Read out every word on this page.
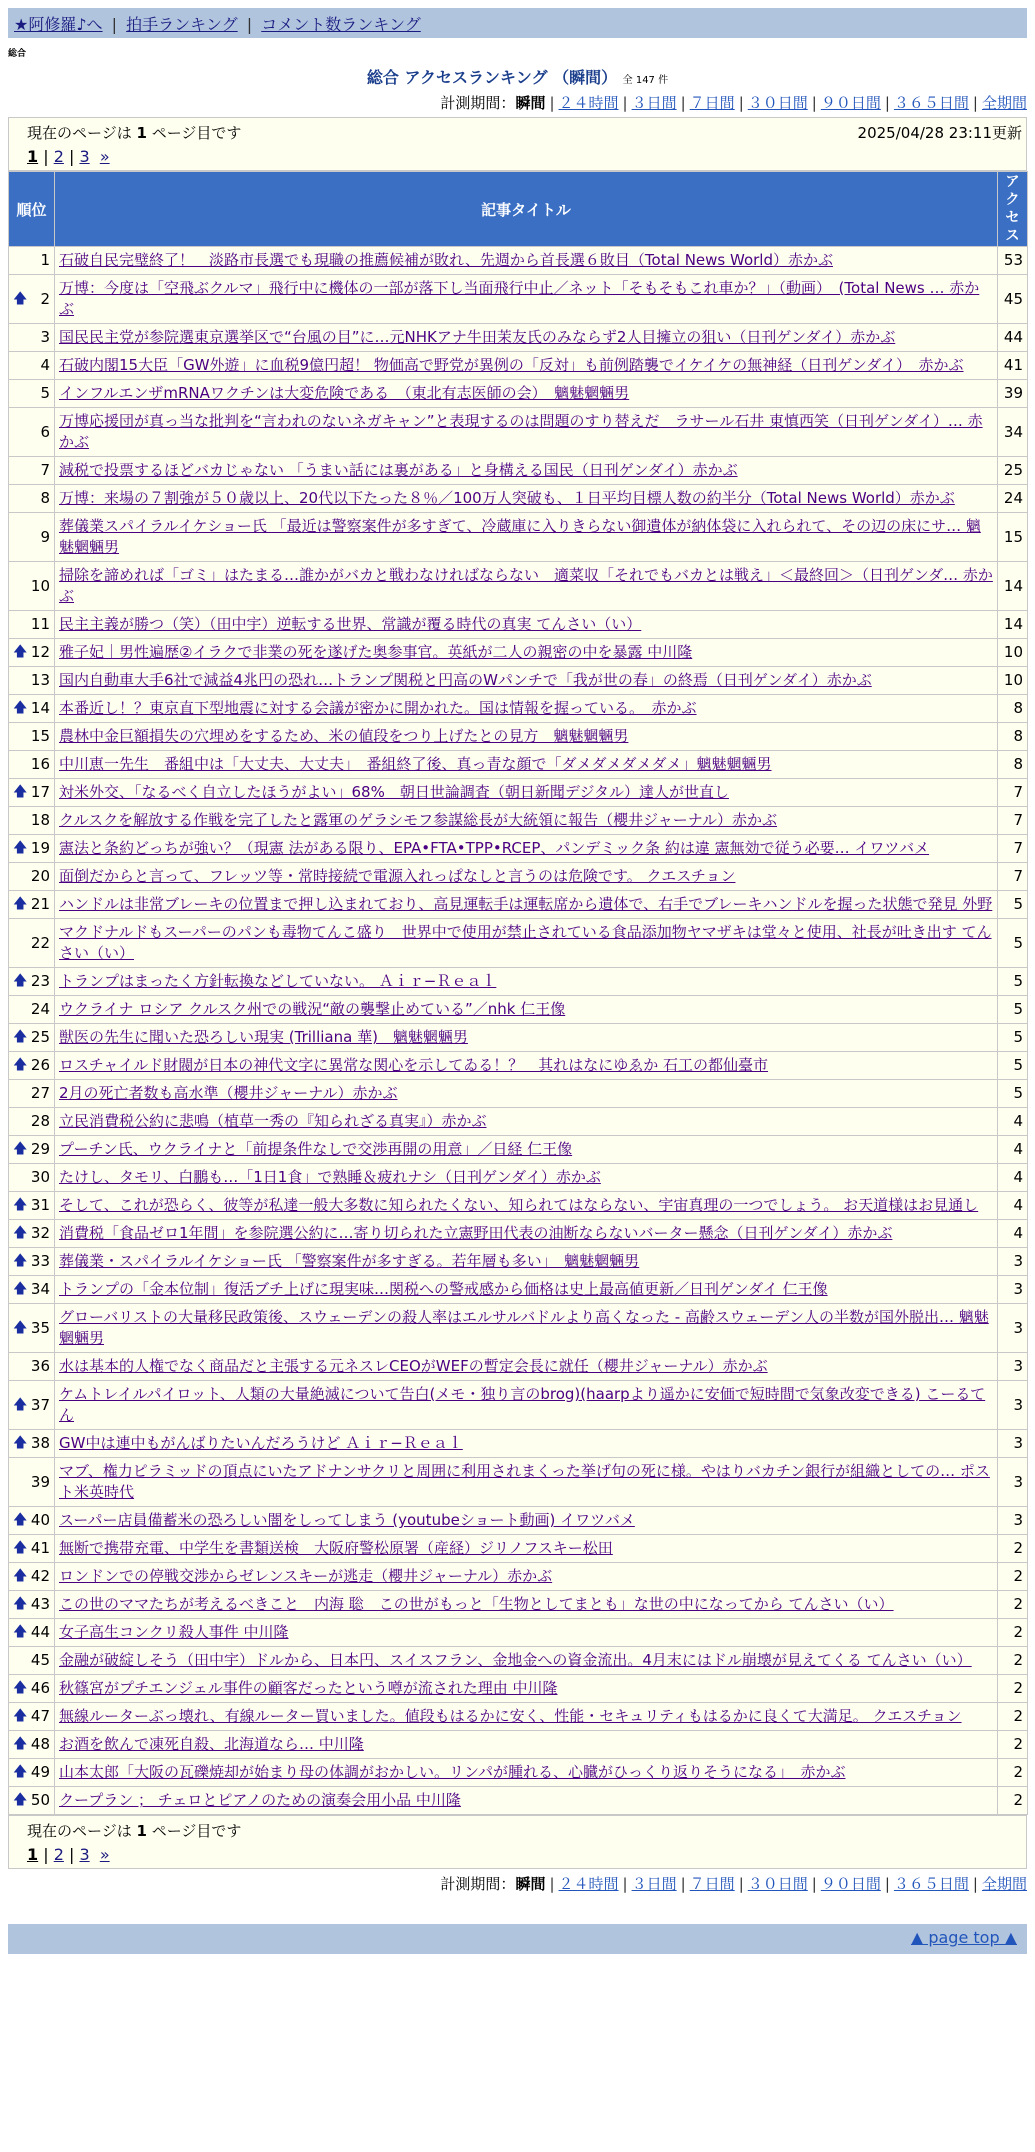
★阿修羅♪へ | 拍手ランキング | コメント数ランキング
総合
総合 アクセスランキング （瞬間） 全 147 件
計測期間：瞬間 | ２４時間 | ３日間 | ７日間 | ３０日間 | ９０日間 | ３６５日間 | 全期間
現在のページは 1 ページ目です	2025/04/28 23:11更新
1 | 2 | 3 »
順位	記事タイトル	アクセス
1	石破自民完璧終了！　淡路市長選でも現職の推薦候補が敗れ、先週から首長選６敗目（Total News World）赤かぶ	53

🡅 2	万博：今度は「空飛ぶクルマ」飛行中に機体の一部が落下し当面飛行中止／ネット「そもそもこれ車か？」（動画）　(Total News … 赤かぶ	45
3	国民民主党が参院選東京選挙区で“台風の目”に…元NHKアナ牛田茉友氏のみならず2人目擁立の狙い（日刊ゲンダイ）赤かぶ	44
4	石破内閣15大臣「GW外遊」に血税9億円超！ 物価高で野党が異例の「反対」も前例踏襲でイケイケの無神経（日刊ゲンダイ）　赤かぶ	41
5	インフルエンザmRNAワクチンは大変危険である　（東北有志医師の会）　魑魅魍魎男	39
6	万博応援団が真っ当な批判を“言われのないネガキャン”と表現するのは問題のすり替えだ　ラサール石井 東慎西笑（日刊ゲンダイ）… 赤かぶ	34
7	減税で投票するほどバカじゃない 「うまい話には裏がある」と身構える国民（日刊ゲンダイ）赤かぶ	25
8	万博：来場の７割強が５０歳以上、20代以下たった８％／100万人突破も、１日平均目標人数の約半分（Total News World）赤かぶ	24
9	葬儀業スパイラルイケショー氏 「最近は警察案件が多すぎて、冷蔵庫に入りきらない御遺体が納体袋に入れられて、その辺の床にサ… 魑魅魍魎男	15
10	掃除を諦めれば「ゴミ」はたまる…誰かがバカと戦わなければならない　適菜収「それでもバカとは戦え」＜最終回＞（日刊ゲンダ… 赤かぶ	14
11	民主主義が勝つ（笑）（田中宇）逆転する世界、常識が覆る時代の真実 てんさい（い）	14

🡅 12	雅子妃｜男性遍歴②イラクで非業の死を遂げた奥参事官。英紙が二人の親密の中を暴露 中川隆	10
13	国内自動車大手6社で減益4兆円の恐れ…トランプ関税と円高のWパンチで「我が世の春」の終焉（日刊ゲンダイ）赤かぶ	10

🡅 14	本番近し！？東京直下型地震に対する会議が密かに開かれた。国は情報を握っている。　赤かぶ	8
15	農林中金巨額損失の穴埋めをするため、米の値段をつり上げたとの見方　魑魅魍魎男	8
16	中川恵一先生　番組中は「大丈夫、大丈夫」　番組終了後、真っ青な顔で「ダメダメダメダメ」魑魅魍魎男	8

🡅 17	対米外交、「なるべく自立したほうがよい」68%　朝日世論調査（朝日新聞デジタル）達人が世直し	7
18	クルスクを解放する作戦を完了したと露軍のゲラシモフ参謀総長が大統領に報告（櫻井ジャーナル）赤かぶ	7

🡅 19	憲法と条約どっちが強い？（現憲 法がある限り、EPA•FTA•TPP•RCEP、パンデミック条 約は違 憲無効で従う必要… イワツバメ	7
20	面倒だからと言って、フレッツ等・常時接続で電源入れっぱなしと言うのは危険です。 クエスチョン	7

🡅 21	ハンドルは非常ブレーキの位置まで押し込まれており、高見運転手は運転席から遺体で、右手でブレーキハンドルを握った状態で発見 外野	5
22	マクドナルドもスーパーのパンも毒物てんこ盛り　世界中で使用が禁止されている食品添加物ヤマザキは堂々と使用、社長が吐き出す てんさい（い）	5

🡅 23	トランプはまったく方針転換などしていない。 Ａｉｒ−Ｒｅａｌ	5
24	ウクライナ ロシア クルスク州での戦況“敵の襲撃止めている”／nhk 仁王像	5

🡅 25	獣医の先生に聞いた恐ろしい現実 (Trilliana 華)　魑魅魍魎男	5

🡅 26	ロスチャイルド財閥が日本の神代文字に異常な関心を示してゐる！？　其れはなにゆゑか 石工の都仙臺市	5
27	2月の死亡者数も高水準（櫻井ジャーナル）赤かぶ	5
28	立民消費税公約に悲鳴（植草一秀の『知られざる真実』）赤かぶ	4

🡅 29	プーチン氏、ウクライナと「前提条件なしで交渉再開の用意」／日経 仁王像	4
30	たけし、タモリ、白鵬も…「1日1食」で熟睡＆疲れナシ（日刊ゲンダイ）赤かぶ	4

🡅 31	そして、これが恐らく、彼等が私達一般大多数に知られたくない、知られてはならない、宇宙真理の一つでしょう。 お天道様はお見通し	4

🡅 32	消費税「食品ゼロ1年間」を参院選公約に…寄り切られた立憲野田代表の油断ならないバーター懸念（日刊ゲンダイ）赤かぶ	4

🡅 33	葬儀業・スパイラルイケショー氏 「警察案件が多すぎる。若年層も多い」　魑魅魍魎男	3

🡅 34	トランプの「金本位制」復活ブチ上げに現実味…関税への警戒感から価格は史上最高値更新／日刊ゲンダイ 仁王像	3

🡅 35	グローバリストの大量移民政策後、スウェーデンの殺人率はエルサルバドルより高くなった - 高齢スウェーデン人の半数が国外脱出… 魑魅魍魎男	3
36	水は基本的人権でなく商品だと主張する元ネスレCEOがWEFの暫定会長に就任（櫻井ジャーナル）赤かぶ	3

🡅 37	ケムトレイルパイロット、人類の大量絶滅について告白(メモ・独り言のbrog)(haarpより遥かに安価で短時間で気象改変できる) こーるてん	3

🡅 38	GW中は連中もがんばりたいんだろうけど Ａｉｒ−Ｒｅａｌ	3
39	マブ、権力ピラミッドの頂点にいたアドナンサクリと周囲に利用されまくった挙げ句の死に様。やはりバカチン銀行が組織としての… ポスト米英時代	3

🡅 40	スーパー店員備蓄米の恐ろしい闇をしってしまう (youtubeショート動画) イワツバメ	3

🡅 41	無断で携帯充電、中学生を書類送検　大阪府警松原署（産経）ジリノフスキー松田	2

🡅 42	ロンドンでの停戦交渉からゼレンスキーが逃走（櫻井ジャーナル）赤かぶ	2

🡅 43	この世のママたちが考えるべきこと　内海 聡　この世がもっと「生物としてまとも」な世の中になってから てんさい（い）	2

🡅 44	女子高生コンクリ殺人事件 中川隆	2
45	金融が破綻しそう（田中宇）ドルから、日本円、スイスフラン、金地金への資金流出。4月末にはドル崩壊が見えてくる てんさい（い）	2

🡅 46	秋篠宮がプチエンジェル事件の顧客だったという噂が流された理由 中川隆	2

🡅 47	無線ルーターぶっ壊れ、有線ルーター買いました。値段もはるかに安く、性能・セキュリティもはるかに良くて大満足。 クエスチョン	2

🡅 48	お酒を飲んで凍死自殺、北海道なら… 中川隆	2

🡅 49	山本太郎「大阪の瓦礫焼却が始まり母の体調がおかしい。リンパが腫れる、心臓がひっくり返りそうになる」　赤かぶ	2

🡅 50	クープラン ； チェロとピアノのための演奏会用小品 中川隆	2
現在のページは 1 ページ目です
1 | 2 | 3 »
計測期間：瞬間 | ２４時間 | ３日間 | ７日間 | ３０日間 | ９０日間 | ３６５日間 | 全期間
▲ page top ▲
